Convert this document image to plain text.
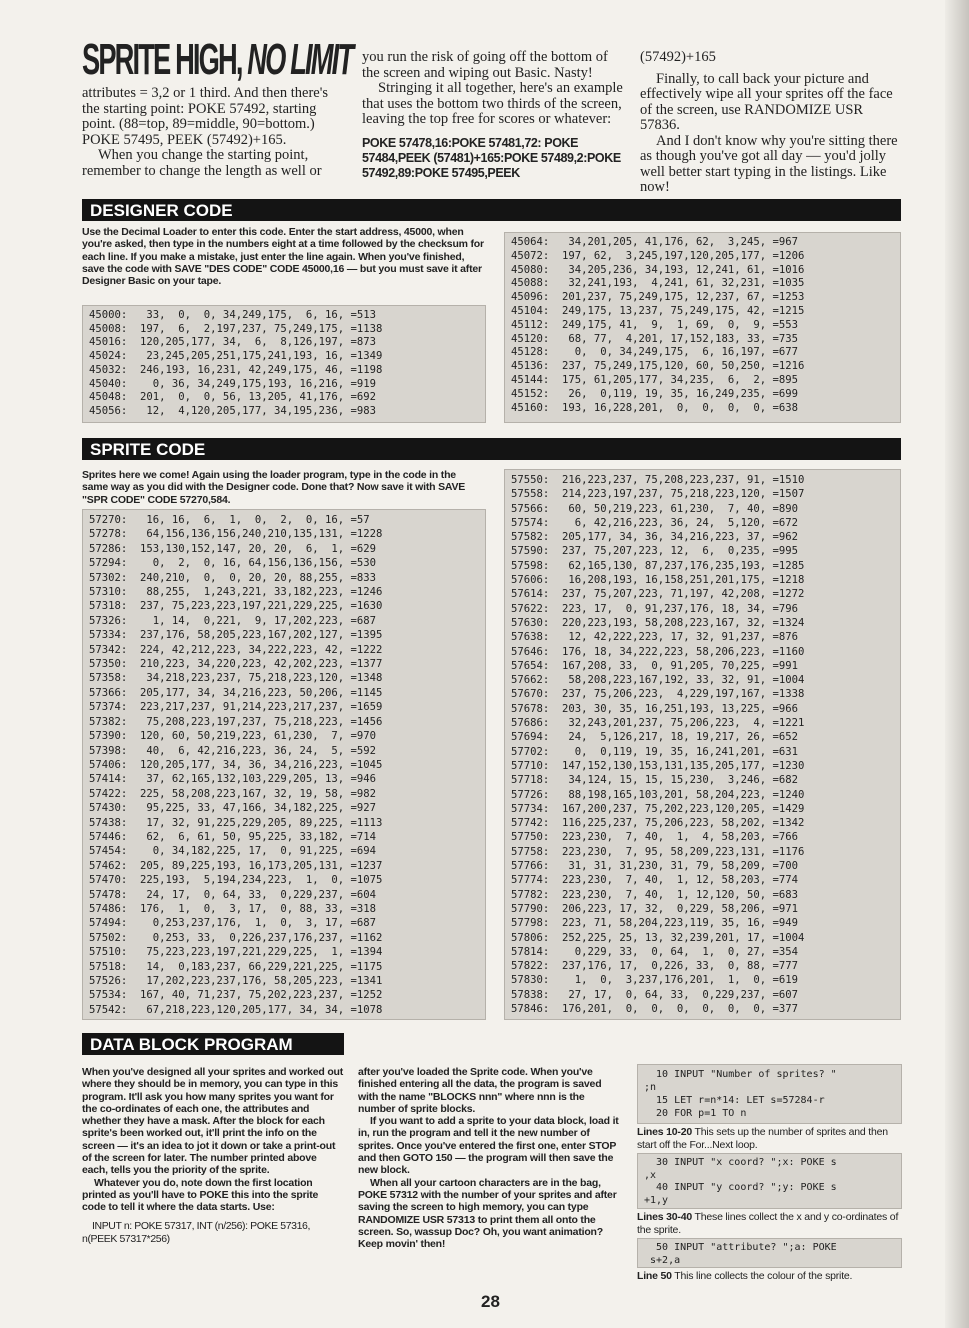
SPRITE HIGH, NO LIMIT

attributes = 3,2 or 1 third. And then there's the starting point: POKE 57492, starting point. (88=top, 89=middle, 90=bottom.) POKE 57495, PEEK (57492)+165.

When you change the starting point, remember to change the length as well or

you run the risk of going off the bottom of the screen and wiping out Basic. Nasty!

Stringing it all together, here's an example that uses the bottom two thirds of the screen, leaving the top free for scores or whatever:

POKE 57478,16:POKE 57481,72: POKE 57484,PEEK (57481)+165:POKE 57489,2:POKE 57492,89:POKE 57495,PEEK

(57492)+165

Finally, to call back your picture and effectively wipe all your sprites off the face of the screen, use RANDOMIZE USR 57836.

And I don't know why you're sitting there as though you've got all day — you'd jolly well better start typing in the listings. Like now!

DESIGNER CODE

Use the Decimal Loader to enter this code. Enter the start address, 45000, when you're asked, then type in the numbers eight at a time followed by the checksum for each line. If you make a mistake, just enter the line again. When you've finished, save the code with SAVE "DES CODE" CODE 45000,16 — but you must save it after Designer Basic on your tape.

45000:   33,  0,  0, 34,249,175,  6, 16, =513
45008:  197,  6,  2,197,237, 75,249,175, =1138
45016:  120,205,177, 34,  6,  8,126,197, =873
45024:   23,245,205,251,175,241,193, 16, =1349
45032:  246,193, 16,231, 42,249,175, 46, =1198
45040:    0, 36, 34,249,175,193, 16,216, =919
45048:  201,  0,  0, 56, 13,205, 41,176, =692
45056:   12,  4,120,205,177, 34,195,236, =983
45064:   34,201,205, 41,176, 62,  3,245, =967
45072:  197, 62,  3,245,197,120,205,177, =1206
45080:   34,205,236, 34,193, 12,241, 61, =1016
45088:   32,241,193,  4,241, 61, 32,231, =1035
45096:  201,237, 75,249,175, 12,237, 67, =1253
45104:  249,175, 13,237, 75,249,175, 42, =1215
45112:  249,175, 41,  9,  1, 69,  0,  9, =553
45120:   68, 77,  4,201, 17,152,183, 33, =735
45128:    0,  0, 34,249,175,  6, 16,197, =677
45136:  237, 75,249,175,120, 60, 50,250, =1216
45144:  175, 61,205,177, 34,235,  6,  2, =895
45152:   26,  0,119, 19, 35, 16,249,235, =699
45160:  193, 16,228,201,  0,  0,  0,  0, =638
SPRITE CODE

Sprites here we come! Again using the loader program, type in the code in the same way as you did with the Designer code. Done that? Now save it with SAVE "SPR CODE" CODE 57270,584.

57270:   16, 16,  6,  1,  0,  2,  0, 16, =57
57278:   64,156,136,156,240,210,135,131, =1228
57286:  153,130,152,147, 20, 20,  6,  1, =629
57294:    0,  2,  0, 16, 64,156,136,156, =530
57302:  240,210,  0,  0, 20, 20, 88,255, =833
57310:   88,255,  1,243,221, 33,182,223, =1246
57318:  237, 75,223,223,197,221,229,225, =1630
57326:    1, 14,  0,221,  9, 17,202,223, =687
57334:  237,176, 58,205,223,167,202,127, =1395
57342:  224, 42,212,223, 34,222,223, 42, =1222
57350:  210,223, 34,220,223, 42,202,223, =1377
57358:   34,218,223,237, 75,218,223,120, =1348
57366:  205,177, 34, 34,216,223, 50,206, =1145
57374:  223,217,237, 91,214,223,217,237, =1659
57382:   75,208,223,197,237, 75,218,223, =1456
57390:  120, 60, 50,219,223, 61,230,  7, =970
57398:   40,  6, 42,216,223, 36, 24,  5, =592
57406:  120,205,177, 34, 36, 34,216,223, =1045
57414:   37, 62,165,132,103,229,205, 13, =946
57422:  225, 58,208,223,167, 32, 19, 58, =982
57430:   95,225, 33, 47,166, 34,182,225, =927
57438:   17, 32, 91,225,229,205, 89,225, =1113
57446:   62,  6, 61, 50, 95,225, 33,182, =714
57454:    0, 34,182,225, 17,  0, 91,225, =694
57462:  205, 89,225,193, 16,173,205,131, =1237
57470:  225,193,  5,194,234,223,  1,  0, =1075
57478:   24, 17,  0, 64, 33,  0,229,237, =604
57486:  176,  1,  0,  3, 17,  0, 88, 33, =318
57494:    0,253,237,176,  1,  0,  3, 17, =687
57502:    0,253, 33,  0,226,237,176,237, =1162
57510:   75,223,223,197,221,229,225,  1, =1394
57518:   14,  0,183,237, 66,229,221,225, =1175
57526:   17,202,223,237,176, 58,205,223, =1341
57534:  167, 40, 71,237, 75,202,223,237, =1252
57542:   67,218,223,120,205,177, 34, 34, =1078
57550:  216,223,237, 75,208,223,237, 91, =1510
57558:  214,223,197,237, 75,218,223,120, =1507
57566:   60, 50,219,223, 61,230,  7, 40, =890
57574:    6, 42,216,223, 36, 24,  5,120, =672
57582:  205,177, 34, 36, 34,216,223, 37, =962
57590:  237, 75,207,223, 12,  6,  0,235, =995
57598:   62,165,130, 87,237,176,235,193, =1285
57606:   16,208,193, 16,158,251,201,175, =1218
57614:  237, 75,207,223, 71,197, 42,208, =1272
57622:  223, 17,  0, 91,237,176, 18, 34, =796
57630:  220,223,193, 58,208,223,167, 32, =1324
57638:   12, 42,222,223, 17, 32, 91,237, =876
57646:  176, 18, 34,222,223, 58,206,223, =1160
57654:  167,208, 33,  0, 91,205, 70,225, =991
57662:   58,208,223,167,192, 33, 32, 91, =1004
57670:  237, 75,206,223,  4,229,197,167, =1338
57678:  203, 30, 35, 16,251,193, 13,225, =966
57686:   32,243,201,237, 75,206,223,  4, =1221
57694:   24,  5,126,217, 18, 19,217, 26, =652
57702:    0,  0,119, 19, 35, 16,241,201, =631
57710:  147,152,130,153,131,135,205,177, =1230
57718:   34,124, 15, 15, 15,230,  3,246, =682
57726:   88,198,165,103,201, 58,204,223, =1240
57734:  167,200,237, 75,202,223,120,205, =1429
57742:  116,225,237, 75,206,223, 58,202, =1342
57750:  223,230,  7, 40,  1,  4, 58,203, =766
57758:  223,230,  7, 95, 58,209,223,131, =1176
57766:   31, 31, 31,230, 31, 79, 58,209, =700
57774:  223,230,  7, 40,  1, 12, 58,203, =774
57782:  223,230,  7, 40,  1, 12,120, 50, =683
57790:  206,223, 17, 32,  0,229, 58,206, =971
57798:  223, 71, 58,204,223,119, 35, 16, =949
57806:  252,225, 25, 13, 32,239,201, 17, =1004
57814:    0,229, 33,  0, 64,  1,  0, 27, =354
57822:  237,176, 17,  0,226, 33,  0, 88, =777
57830:    1,  0,  3,237,176,201,  1,  0, =619
57838:   27, 17,  0, 64, 33,  0,229,237, =607
57846:  176,201,  0,  0,  0,  0,  0,  0, =377
DATA BLOCK PROGRAM

When you've designed all your sprites and worked out where they should be in memory, you can type in this program. It'll ask you how many sprites you want for the co-ordinates of each one, the attributes and whether they have a mask. After the block for each sprite's been worked out, it'll print the info on the screen — it's an idea to jot it down or take a print-out of the screen for later. The number printed above each, tells you the priority of the sprite.

Whatever you do, note down the first location printed as you'll have to POKE this into the sprite code to tell it where the data starts. Use:

INPUT n: POKE 57317, INT (n/256): POKE 57316, n(PEEK 57317*256)

after you've loaded the Sprite code. When you've finished entering all the data, the program is saved with the name "BLOCKS nnn" where nnn is the number of sprite blocks.

If you want to add a sprite to your data block, load it in, run the program and tell it the new number of sprites. Once you've entered the first one, enter STOP and then GOTO 150 — the program will then save the new block.

When all your cartoon characters are in the bag, POKE 57312 with the number of your sprites and after saving the screen to high memory, you can type RANDOMIZE USR 57313 to print them all onto the screen. So, wassup Doc? Oh, you want animation? Keep movin' then!

10 INPUT "Number of sprites? "
;n
15 LET r=n*14: LET s=57284-r
20 FOR p=1 TO n
Lines 10-20 This sets up the number of sprites and then start off the For...Next loop.
30 INPUT "x coord? ";x: POKE s
,x
40 INPUT "y coord? ";y: POKE s
+1,y
Lines 30-40 These lines collect the x and y co-ordinates of the sprite.
50 INPUT "attribute? ";a: POKE
s+2,a
Line 50 This line collects the colour of the sprite.
28
